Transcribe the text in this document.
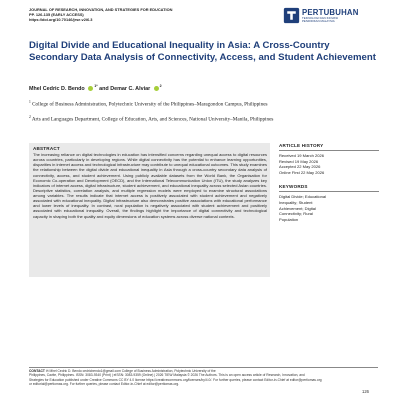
JOURNAL OF RESEARCH, INNOVATION, AND STRATEGIES FOR EDUCATION
PP. 126-135 (EARLY ACCESS)
https://doi.org/10.70146/jrse.v2i6.3
PERTUBUHAN
TEKNOLOGI DAN INOVASI
PENDIDIKAN MALAYSIA
Digital Divide and Educational Inequality in Asia: A Cross-Country Secondary Data Analysis of Connectivity, Access, and Student Achievement
Mhel Cedric D. Bendo	$^{1*}$ and Demar C. Alviar	$^2$
$^1$ College of Business Administration, Polytechnic University of the Philippines–Maragondon Campus, Philippines
$^2$ Arts and Languages Department, College of Education, Arts, and Sciences, National University–Manila, Philippines
ABSTRACT
The increasing reliance on digital technologies in education has intensified concerns regarding unequal access to digital resources across countries, particularly in developing regions. While digital connectivity has the potential to enhance learning opportunities, disparities in internet access and technological infrastructure may contribute to unequal educational outcomes. This study examines the relationship between the digital divide and educational inequality in Asia through a cross-country secondary data analysis of connectivity, access, and student achievement. Using publicly available datasets from the World Bank, the Organisation for Economic Co-operation and Development (OECD), and the International Telecommunication Union (ITU), the study analyzes key indicators of internet access, digital infrastructure, student achievement, and educational inequality across selected Asian countries. Descriptive statistics, correlation analysis, and multiple regression models were employed to examine structural associations among variables. The results indicate that internet access is positively associated with student achievement and negatively associated with educational inequality. Digital infrastructure also demonstrates positive associations with educational performance and lower levels of inequality. In contrast, rural population is negatively associated with student achievement and positively associated with educational inequality. Overall, the findings highlight the importance of digital connectivity and technological capacity in shaping both the quality and equity dimensions of education systems across diverse national contexts.
ARTICLE HISTORY
Received 19 March 2026
Revised 19 May 2026
Accepted 22 May 2026
Online First 22 May 2026
KEYWORDS
Digital Divide; Educational
Inequality; Student
Achievement; Digital
Connectivity; Rural
Population
CONTACT ✉ Mhel Cedric D. Bendo cedricbendo1@gmail.com College of Business Administration, Polytechnic University of the
Philippines, Cavite, Philippines. ISSN: 3083-9340 (Print) | eISSN: 3083-9359 (Online) | 2026 TIEW Malaysia © 2026 The Authors. This is an open access article of Research, Innovation, and
Strategies for Education published under Creative Commons CC BY 4.0 license https://creativecommons.org/licenses/by/4.0/. For further queries, please contact Editor-in-Chief at editor@pertiomas.org
or editorial@pertiomas.org. For further queries, please contact Editor-in-Chief at editor@pertiomas.org.
126
